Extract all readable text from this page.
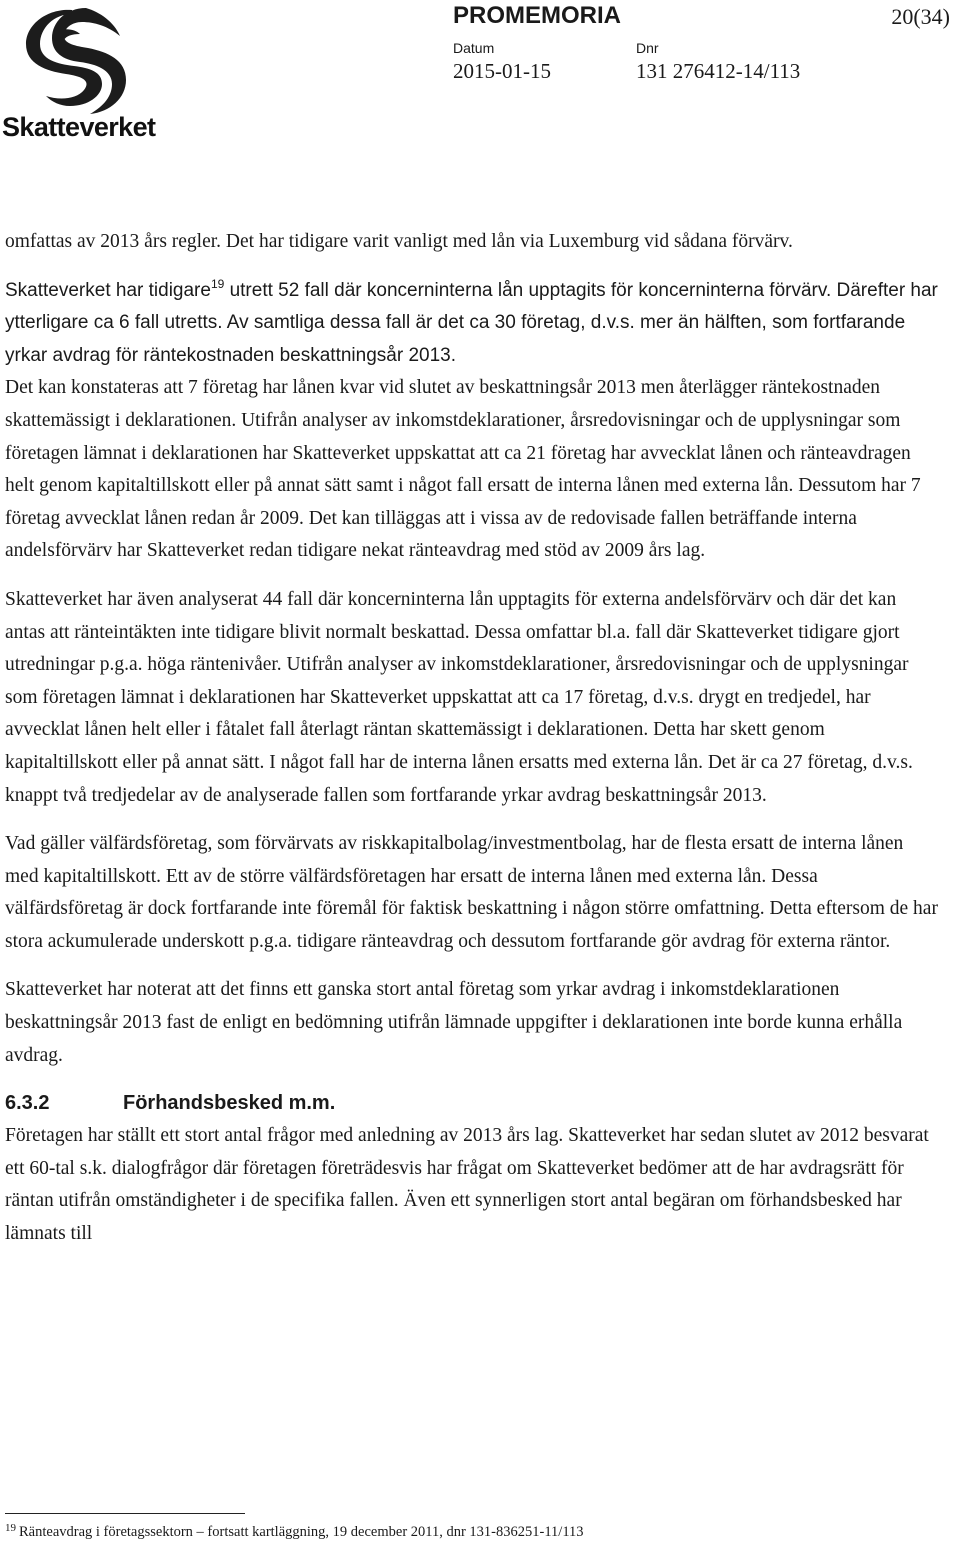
Skatteverket
PROMEMORIA	20(34)
Datum
2015-01-15
Dnr
131 276412-14/113

omfattas av 2013 års regler. Det har tidigare varit vanligt med lån via Luxemburg vid sådana förvärv.

Skatteverket har tidigare$^{19}$ utrett 52 fall där koncerninterna lån upptagits för koncerninterna förvärv. Därefter har ytterligare ca 6 fall utretts. Av samtliga dessa fall är det ca 30 företag, d.v.s. mer än hälften, som fortfarande yrkar avdrag för räntekostnaden beskattningsår 2013.

Det kan konstateras att 7 företag har lånen kvar vid slutet av beskattningsår 2013 men återlägger räntekostnaden skattemässigt i deklarationen. Utifrån analyser av inkomstdeklarationer, årsredovisningar och de upplysningar som företagen lämnat i deklarationen har Skatteverket uppskattat att ca 21 företag har avvecklat lånen och ränteavdragen helt genom kapitaltillskott eller på annat sätt samt i något fall ersatt de interna lånen med externa lån. Dessutom har 7 företag avvecklat lånen redan år 2009. Det kan tilläggas att i vissa av de redovisade fallen beträffande interna andelsförvärv har Skatteverket redan tidigare nekat ränteavdrag med stöd av 2009 års lag.

Skatteverket har även analyserat 44 fall där koncerninterna lån upptagits för externa andelsförvärv och där det kan antas att ränteintäkten inte tidigare blivit normalt beskattad. Dessa omfattar bl.a. fall där Skatteverket tidigare gjort utredningar p.g.a. höga räntenivåer. Utifrån analyser av inkomstdeklarationer, årsredovisningar och de upplysningar som företagen lämnat i deklarationen har Skatteverket uppskattat att ca 17 företag, d.v.s. drygt en tredjedel, har avvecklat lånen helt eller i fåtalet fall återlagt räntan skattemässigt i deklarationen. Detta har skett genom kapitaltillskott eller på annat sätt. I något fall har de interna lånen ersatts med externa lån. Det är ca 27 företag, d.v.s. knappt två tredjedelar av de analyserade fallen som fortfarande yrkar avdrag beskattningsår 2013.

Vad gäller välfärdsföretag, som förvärvats av riskkapitalbolag/investmentbolag, har de flesta ersatt de interna lånen med kapitaltillskott. Ett av de större välfärdsföretagen har ersatt de interna lånen med externa lån. Dessa välfärdsföretag är dock fortfarande inte föremål för faktisk beskattning i någon större omfattning. Detta eftersom de har stora ackumulerade underskott p.g.a. tidigare ränteavdrag och dessutom fortfarande gör avdrag för externa räntor.

Skatteverket har noterat att det finns ett ganska stort antal företag som yrkar avdrag i inkomstdeklarationen beskattningsår 2013 fast de enligt en bedömning utifrån lämnade uppgifter i deklarationen inte borde kunna erhålla avdrag.

6.3.2	Förhandsbesked m.m.

Företagen har ställt ett stort antal frågor med anledning av 2013 års lag. Skatteverket har sedan slutet av 2012 besvarat ett 60-tal s.k. dialogfrågor där företagen företrädesvis har frågat om Skatteverket bedömer att de har avdragsrätt för räntan utifrån omständigheter i de specifika fallen. Även ett synnerligen stort antal begäran om förhandsbesked har lämnats till

$^{19}$ Ränteavdrag i företagssektorn – fortsatt kartläggning, 19 december 2011, dnr 131-836251-11/113
